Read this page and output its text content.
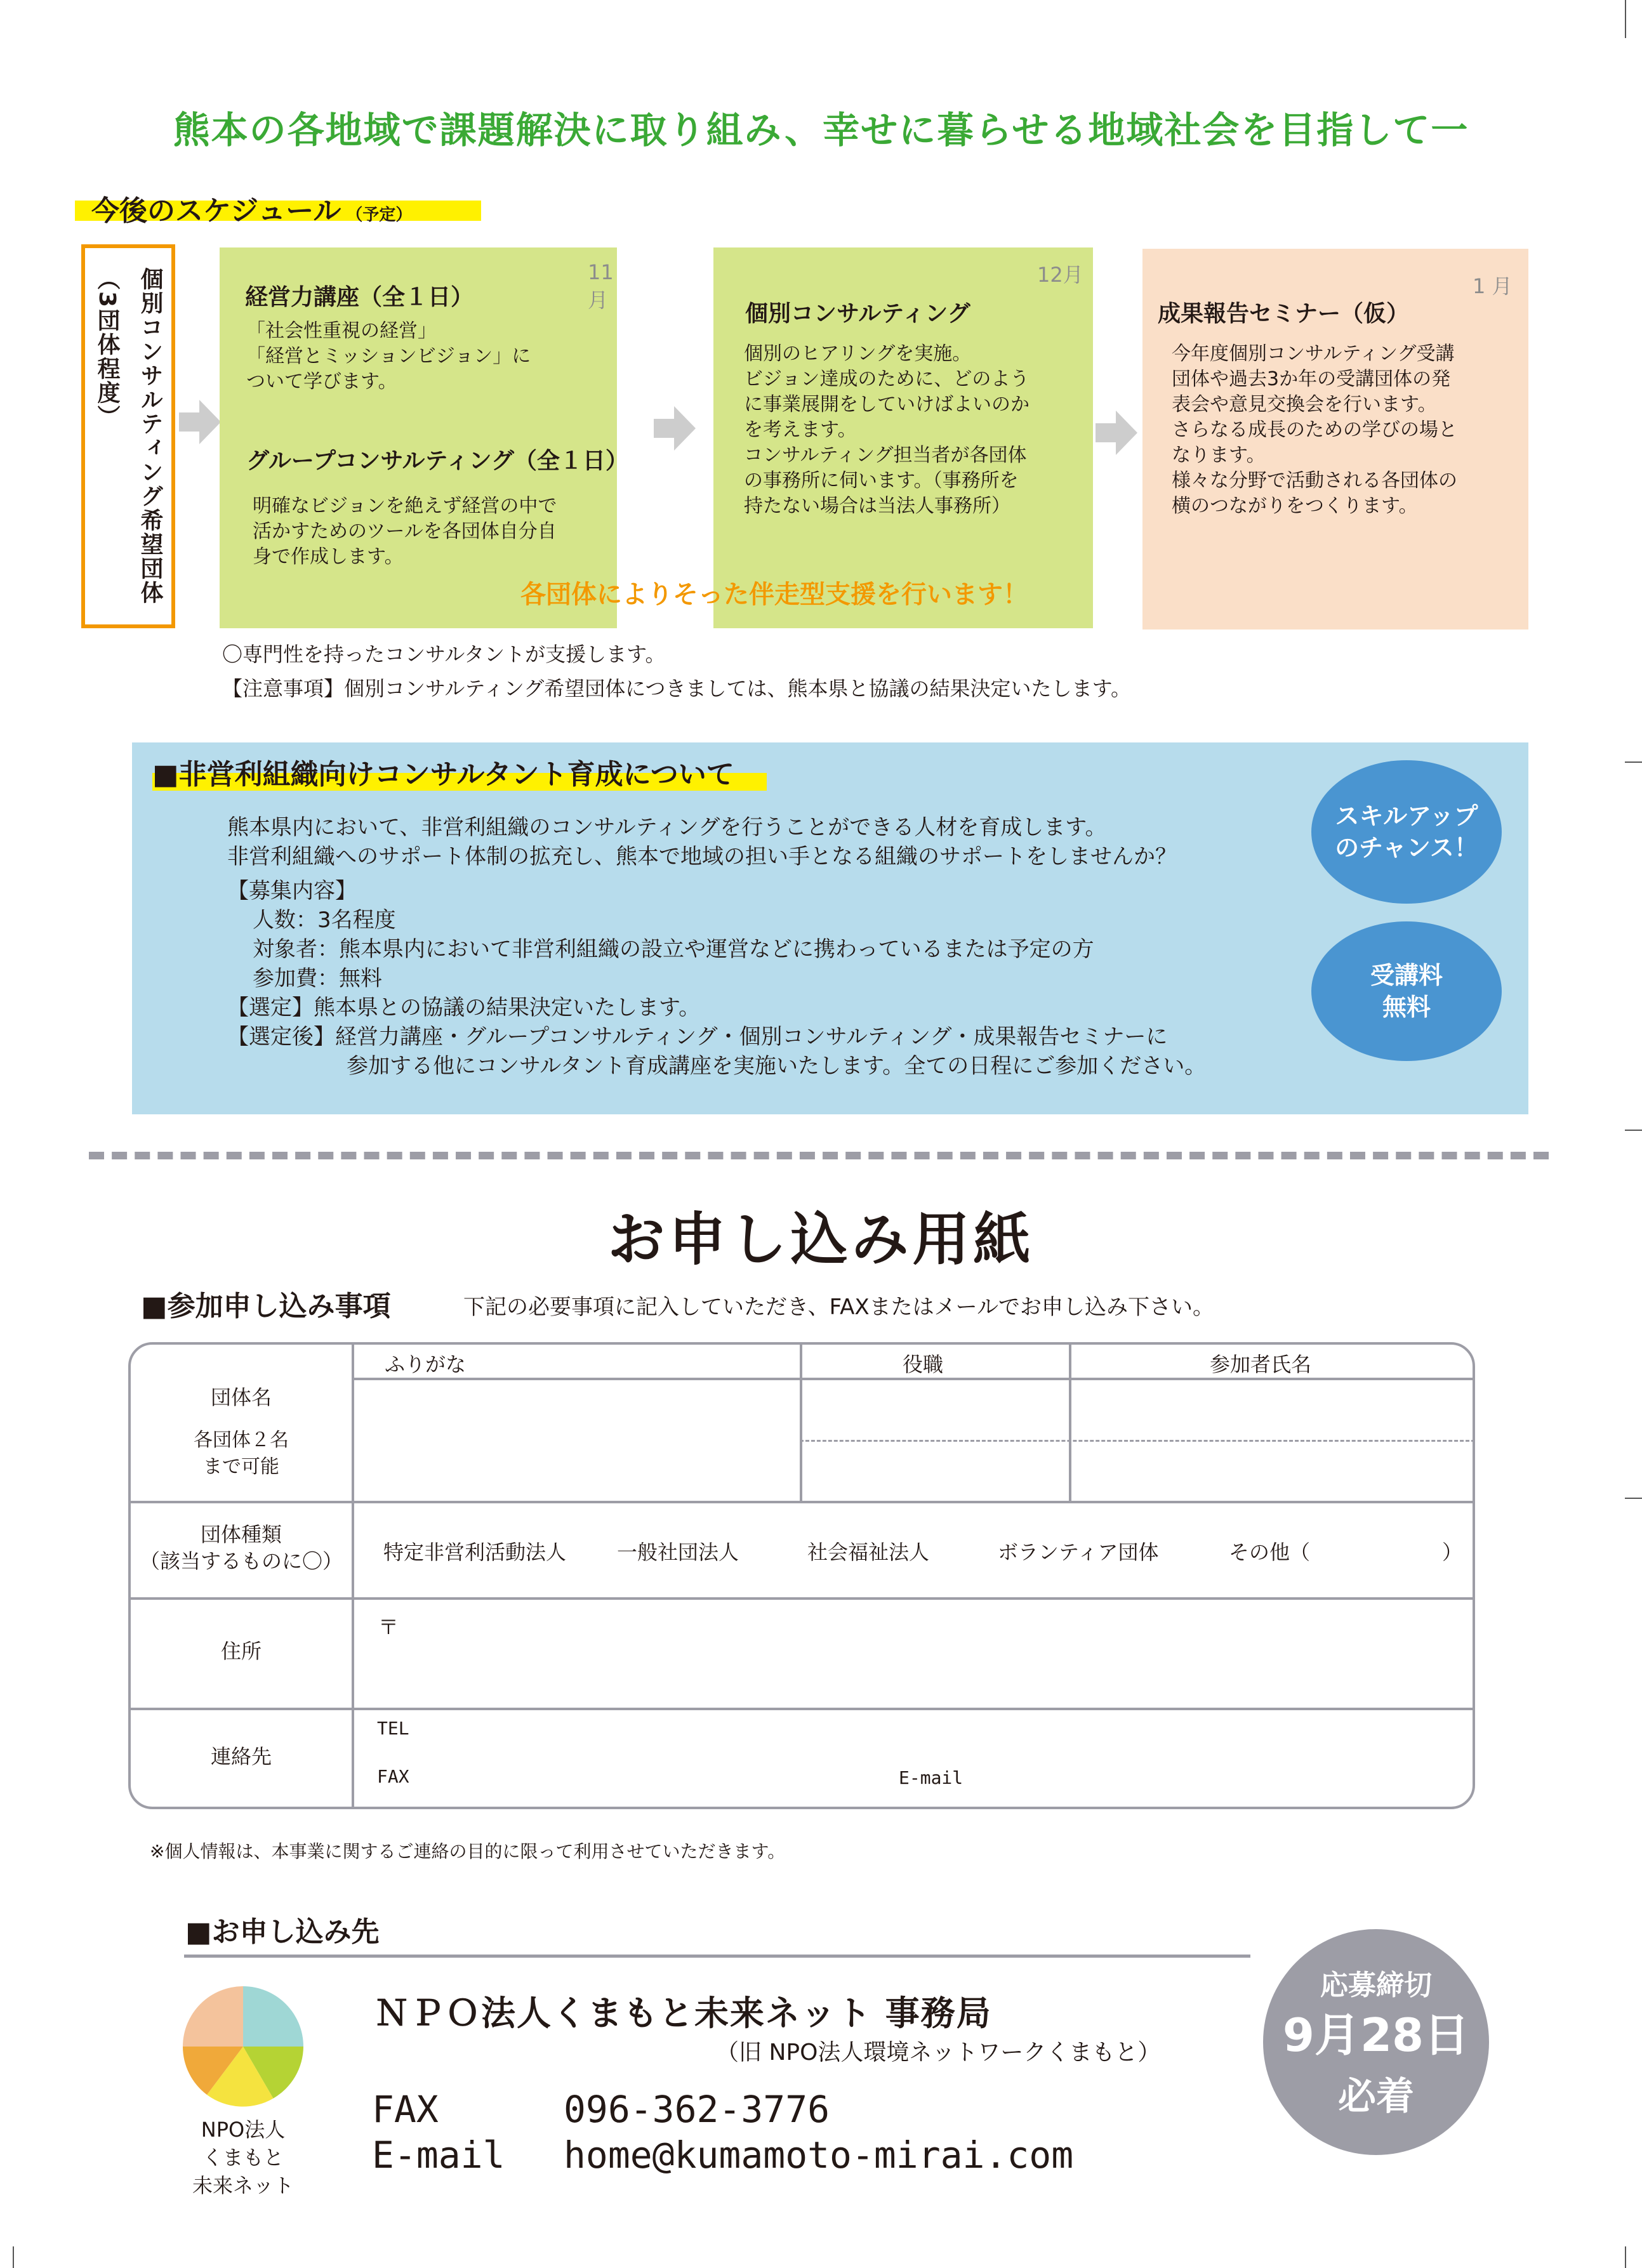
熊本の各地域で課題解決に取り組み、幸せに暮らせる地域社会を目指して一
今後のスケジュール （予定）
個別コンサルティング希望団体（3団体程度）	11月
経営力講座（全１日）
「社会性重視の経営」
「経営とミッションビジョン」に
ついて学びます。
グループコンサルティング（全１日）
明確なビジョンを絶えず経営の中で
活かすためのツールを各団体自分自
身で作成します。
12月
個別コンサルティング
個別のヒアリングを実施。
ビジョン達成のために、どのよう
に事業展開をしていけばよいのか
を考えます。
コンサルティング担当者が各団体
の事務所に伺います。（事務所を
持たない場合は当法人事務所）
1 月
成果報告セミナー（仮）
今年度個別コンサルティング受講
団体や過去3か年の受講団体の発
表会や意見交換会を行います。
さらなる成長のための学びの場と
なります。
様々な分野で活動される各団体の
横のつながりをつくります。
各団体によりそった伴走型支援を行います！
〇専門性を持ったコンサルタントが支援します。
【注意事項】個別コンサルティング希望団体につきましては、熊本県と協議の結果決定いたします。
■非営利組織向けコンサルタント育成について
熊本県内において、非営利組織のコンサルティングを行うことができる人材を育成します。
非営利組織へのサポート体制の拡充し、熊本で地域の担い手となる組織のサポートをしませんか？
【募集内容】
人数：3名程度
対象者：熊本県内において非営利組織の設立や運営などに携わっているまたは予定の方
参加費：無料
【選定】熊本県との協議の結果決定いたします。
【選定後】経営力講座・グループコンサルティング・個別コンサルティング・成果報告セミナーに
参加する他にコンサルタント育成講座を実施いたします。全ての日程にご参加ください。
スキルアップ
のチャンス！
受講料
無料
お申し込み用紙
■参加申し込み事項	下記の必要事項に記入していただき、FAXまたはメールでお申し込み下さい。
ふりがな	役職	参加者氏名
団体名
各団体２名
まで可能
団体種類
（該当するものに〇）	特定非営利活動法人 一般社団法人	社会福祉法人	ボランティア団体	その他（	）
住所
〒
連絡先
TEL
FAX	E-mail
※個人情報は、本事業に関するご連絡の目的に限って利用させていただきます。
■お申し込み先
NPO法人
くまもと
未来ネット
ＮＰＯ法人くまもと未来ネット 事務局
（旧 NPO法人環境ネットワークくまもと）
FAX	096-362-3776
E-mail home@kumamoto-mirai.com
応募締切
9月28日
必着
